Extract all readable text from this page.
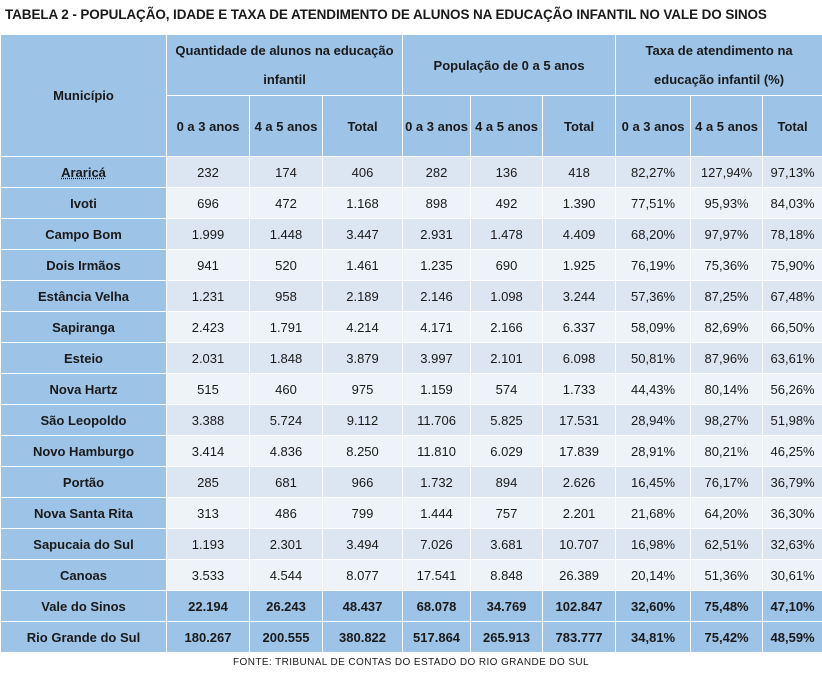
TABELA 2 - POPULAÇÃO, IDADE E TAXA DE ATENDIMENTO DE ALUNOS NA EDUCAÇÃO INFANTIL NO VALE DO SINOS
Município	Quantidade de alunos na educação infantil			População de 0 a 5 anos			Taxa de atendimento na educação infantil (%)		
	0 a 3 anos	4 a 5 anos	Total	0 a 3 anos	4 a 5 anos	Total	0 a 3 anos	4 a 5 anos	Total
Araricá	232	174	406	282	136	418	82,27%	127,94%	97,13%
Ivoti	696	472	1.168	898	492	1.390	77,51%	95,93%	84,03%
Campo Bom	1.999	1.448	3.447	2.931	1.478	4.409	68,20%	97,97%	78,18%
Dois Irmãos	941	520	1.461	1.235	690	1.925	76,19%	75,36%	75,90%
Estância Velha	1.231	958	2.189	2.146	1.098	3.244	57,36%	87,25%	67,48%
Sapiranga	2.423	1.791	4.214	4.171	2.166	6.337	58,09%	82,69%	66,50%
Esteio	2.031	1.848	3.879	3.997	2.101	6.098	50,81%	87,96%	63,61%
Nova Hartz	515	460	975	1.159	574	1.733	44,43%	80,14%	56,26%
São Leopoldo	3.388	5.724	9.112	11.706	5.825	17.531	28,94%	98,27%	51,98%
Novo Hamburgo	3.414	4.836	8.250	11.810	6.029	17.839	28,91%	80,21%	46,25%
Portão	285	681	966	1.732	894	2.626	16,45%	76,17%	36,79%
Nova Santa Rita	313	486	799	1.444	757	2.201	21,68%	64,20%	36,30%
Sapucaia do Sul	1.193	2.301	3.494	7.026	3.681	10.707	16,98%	62,51%	32,63%
Canoas	3.533	4.544	8.077	17.541	8.848	26.389	20,14%	51,36%	30,61%
Vale do Sinos	22.194	26.243	48.437	68.078	34.769	102.847	32,60%	75,48%	47,10%
Rio Grande do Sul	180.267	200.555	380.822	517.864	265.913	783.777	34,81%	75,42%	48,59%
FONTE: TRIBUNAL DE CONTAS DO ESTADO DO RIO GRANDE DO SUL
